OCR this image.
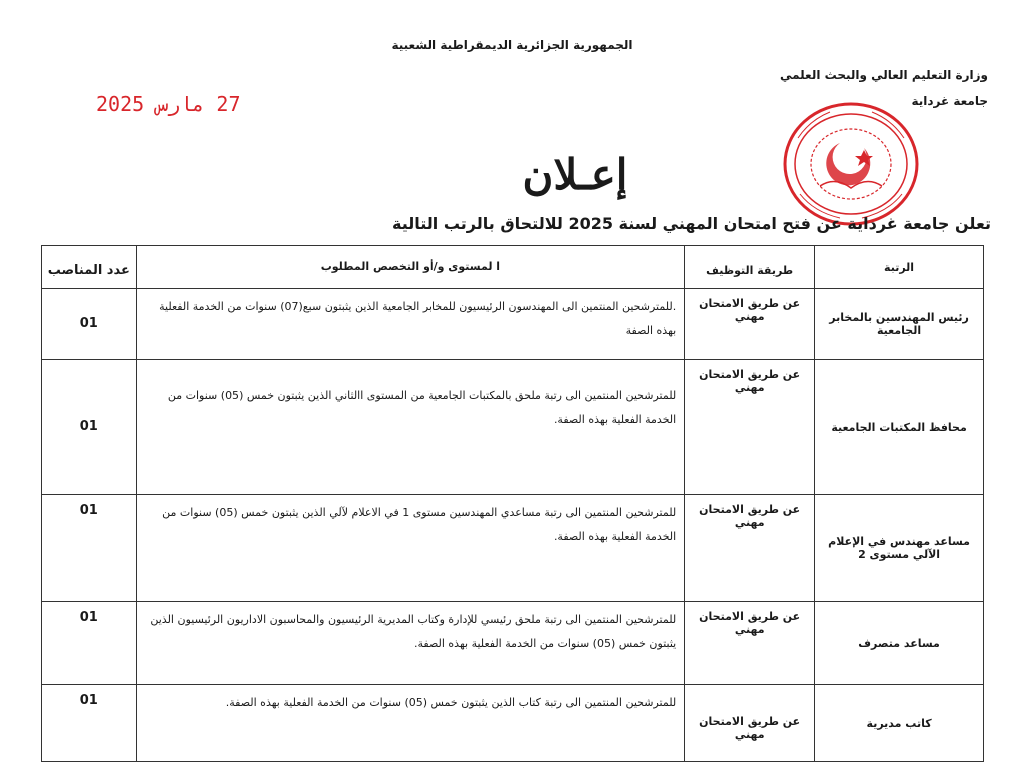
الجمهورية الجزائرية الديمقراطية الشعبية
وزارة التعليم العالي والبحث العلمي
جامعة غرداية
27 مارس 2025
إعـلان
تعلن جامعة غرداية عن فتح امتحان المهني لسنة 2025 للالتحاق بالرتب التالية
الرتبة	طريقة التوظيف	ا لمستوى و/أو التخصص المطلوب	عدد المناصب
رئيس المهندسين بالمخابر الجامعية	عن طريق الامتحان مهني	.للمترشحين المنتمين الى المهندسون الرئيسيون للمخابر الجامعية الذين يثبتون سبع(07) سنوات من الخدمة الفعلية بهذه الصفة	01
محافظ المكتبات الجامعية	عن طريق الامتحان مهني	للمترشحين المنتمين الى رتبة ملحق بالمكتبات الجامعية من المستوى االثاني الذين يثبتون خمس (05) سنوات من الخدمة الفعلية بهذه الصفة.	01
مساعد مهندس في الإعلام الآلي مستوى 2	عن طريق الامتحان مهني	للمترشحين المنتمين الى رتبة مساعدي المهندسين مستوى 1 في الاعلام لآلي الذين يثبتون خمس (05) سنوات من الخدمة الفعلية بهذه الصفة.	01
مساعد متصرف	عن طريق الامتحان مهني	للمترشحين المنتمين الى رتبة ملحق رئيسي للإدارة وكتاب المديرية الرئيسيون والمحاسبون الاداريون الرئيسيون الذين يثبتون خمس (05) سنوات من الخدمة الفعلية بهذه الصفة.	01
كاتب مديرية	عن طريق الامتحان مهني	للمترشحين المنتمين الى رتبة كتاب الذين يثبتون خمس (05) سنوات من الخدمة الفعلية بهذه الصفة.	01
